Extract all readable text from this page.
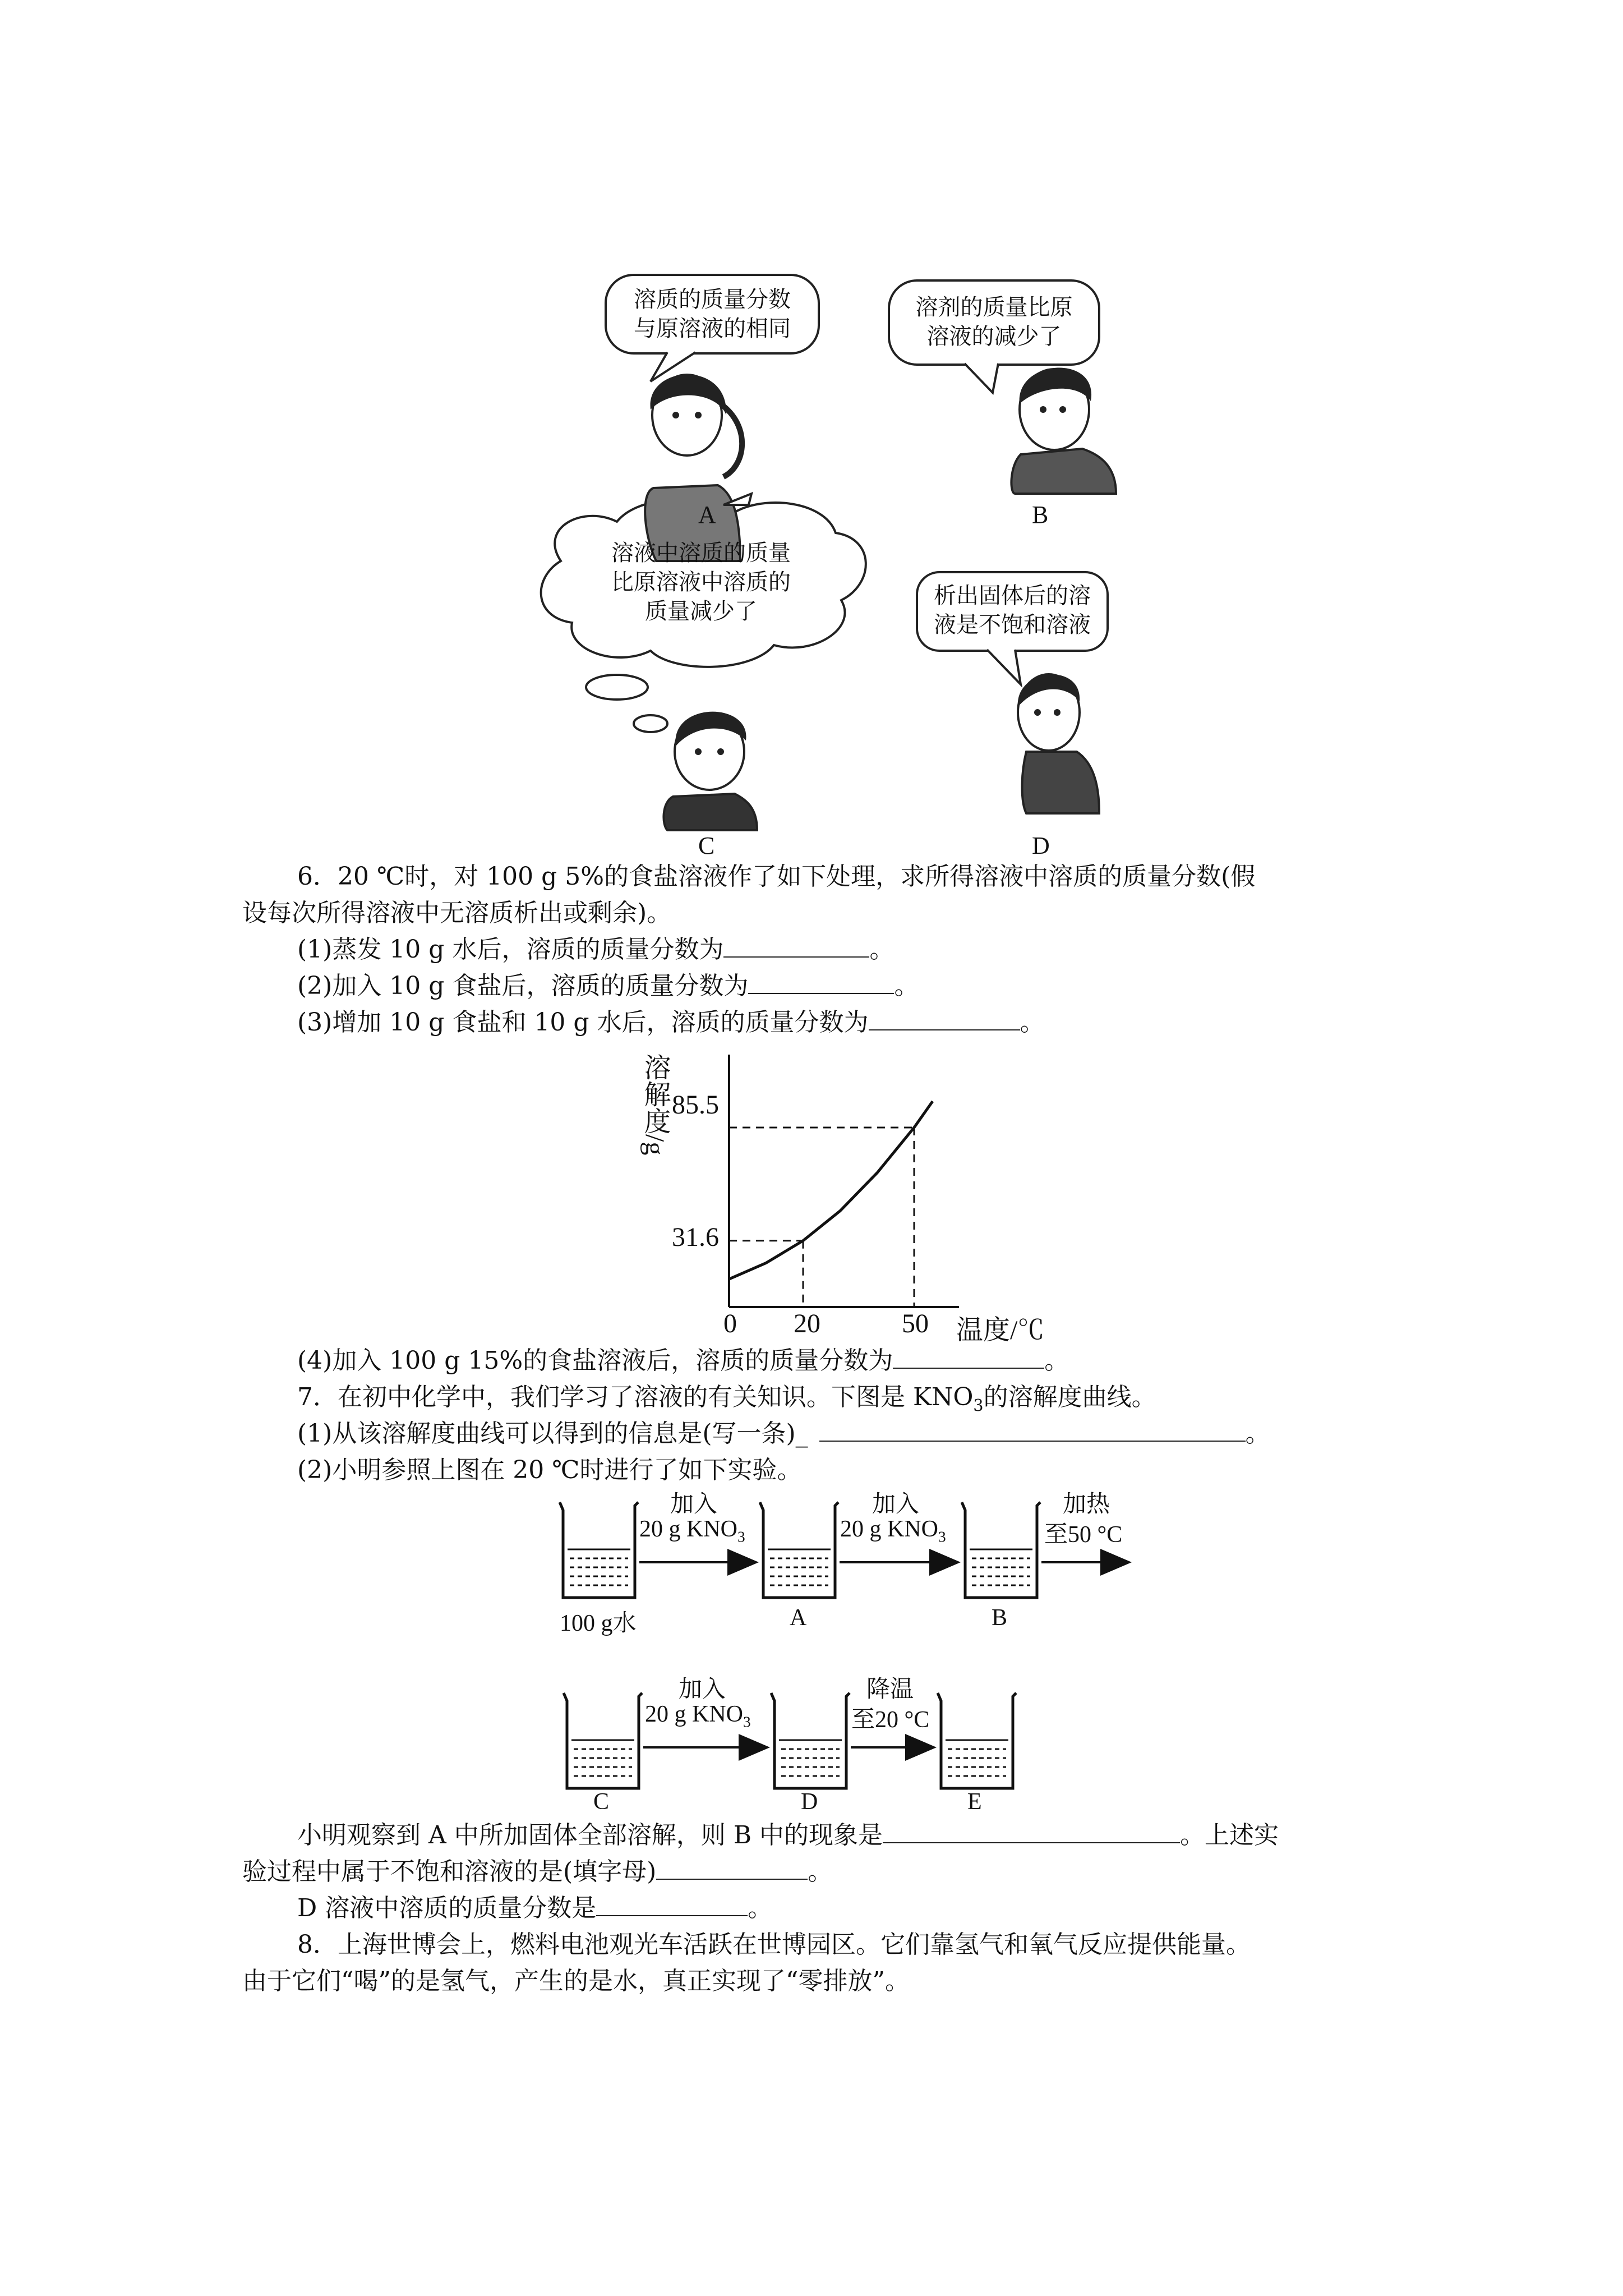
溶质的质量分数
与原溶液的相同
溶剂的质量比原
溶液的减少了
溶液中溶质的质量
比原溶液中溶质的
质量减少了
析出固体后的溶
液是不饱和溶液
A	B
C	D
6．20 ℃时，对 100 g 5%的食盐溶液作了如下处理，求所得溶液中溶质的质量分数(假
设每次所得溶液中无溶质析出或剩余)。
(1)蒸发 10 g 水后，溶质的质量分数为	。
(2)加入 10 g 食盐后，溶质的质量分数为	。
(3)增加 10 g 食盐和 10 g 水后，溶质的质量分数为	。
85.5
31.6
0 20	50
溶解度/g
温度/℃
(4)加入 100 g 15%的食盐溶液后，溶质的质量分数为	。
7．在初中化学中，我们学习了溶液的有关知识。下图是 $KNO_3$的溶解度曲线。
(1)从该溶解度曲线可以得到的信息是(写一条)_	。
(2)小明参照上图在 20 ℃时进行了如下实验。
加入
20 g $KNO_3$
加入
20 g $KNO_3$
加热
至50 °C
100 g水	A	B
加入
20 g $KNO_3$
降温
至20 °C
C	D	E
小明观察到 A 中所加固体全部溶解，则 B 中的现象是	。上述实
验过程中属于不饱和溶液的是(填字母)	。
D 溶液中溶质的质量分数是	。
8．上海世博会上，燃料电池观光车活跃在世博园区。它们靠氢气和氧气反应提供能量。
由于它们“喝”的是氢气，产生的是水，真正实现了“零排放”。
